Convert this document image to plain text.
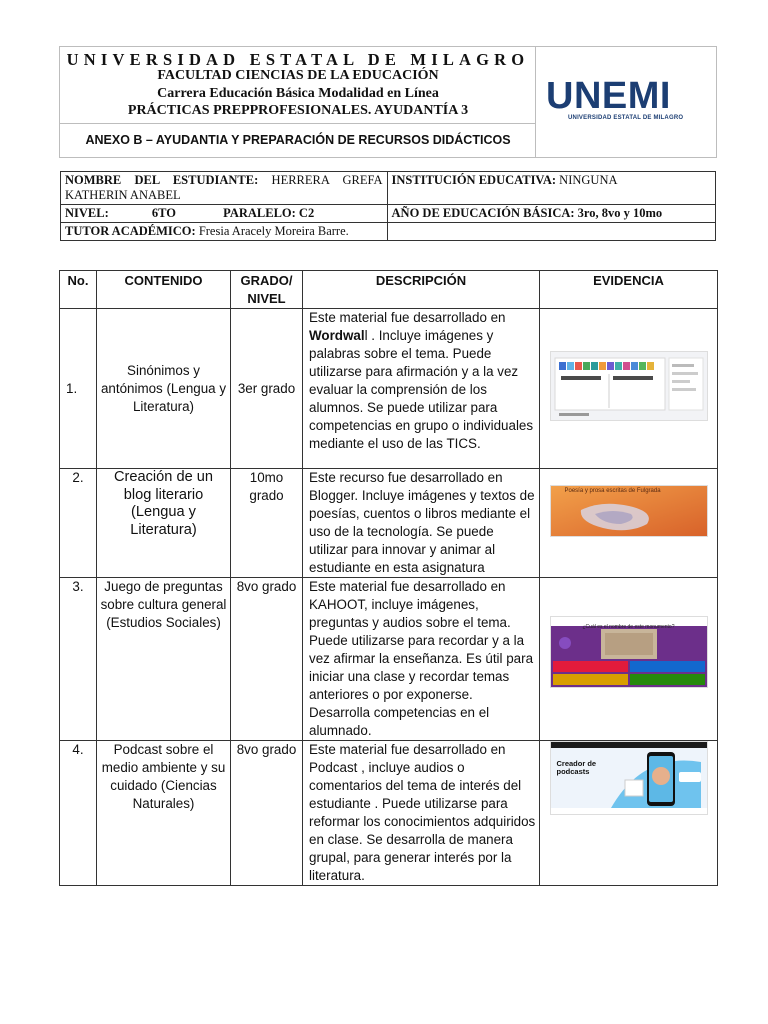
UNIVERSIDAD ESTATAL DE MILAGRO
FACULTAD CIENCIAS DE LA EDUCACIÓN
Carrera Educación Básica Modalidad en Línea
PRÁCTICAS PREPPROFESIONALES. AYUDANTÍA 3
ANEXO B – AYUDANTIA Y PREPARACIÓN DE RECURSOS DIDÁCTICOS
UNEMI
UNIVERSIDAD ESTATAL DE MILAGRO
NOMBRE DEL ESTUDIANTE: HERRERA GREFA KATHERIN ANABEL	INSTITUCIÓN EDUCATIVA: NINGUNA
NIVEL: 6TO PARALELO: C2	AÑO DE EDUCACIÓN BÁSICA: 3ro, 8vo y 10mo
TUTOR ACADÉMICO: Fresia Aracely Moreira Barre.	
No.	CONTENIDO	GRADO/ NIVEL	DESCRIPCIÓN	EVIDENCIA
1.	Sinónimos y antónimos (Lengua y Literatura)	3er grado	Este material fue desarrollado en Wordwall . Incluye imágenes y palabras sobre el tema. Puede utilizarse para afirmación y a la vez evaluar la comprensión de los alumnos. Se puede utilizar para competencias en grupo o individuales mediante el uso de las TICS.	
2.	Creación de un blog literario (Lengua y Literatura)	10mo grado	Este recurso fue desarrollado en Blogger. Incluye imágenes y textos de poesías, cuentos o libros mediante el uso de la tecnología. Se puede utilizar para innovar y animar al estudiante en esta asignatura	Poesía y prosa escritas de Fulgrada

3.	Juego de preguntas sobre cultura general (Estudios Sociales)	8vo grado	Este material fue desarrollado en KAHOOT, incluye imágenes, preguntas y audios sobre el tema. Puede utilizarse para recordar y a la vez afirmar la enseñanza. Es útil para iniciar una clase y recordar temas anteriores o por exponerse. Desarrolla competencias en el alumnado.	¿Cuál es el nombre de este monumento?

4.	Podcast sobre el medio ambiente y su cuidado (Ciencias Naturales)	8vo grado	Este material fue desarrollado en Podcast , incluye audios o comentarios del tema de interés del estudiante . Puede utilizarse para reformar los conocimientos adquiridos en clase. Se desarrolla de manera grupal, para generar interés por la literatura.	Creador de podcasts
